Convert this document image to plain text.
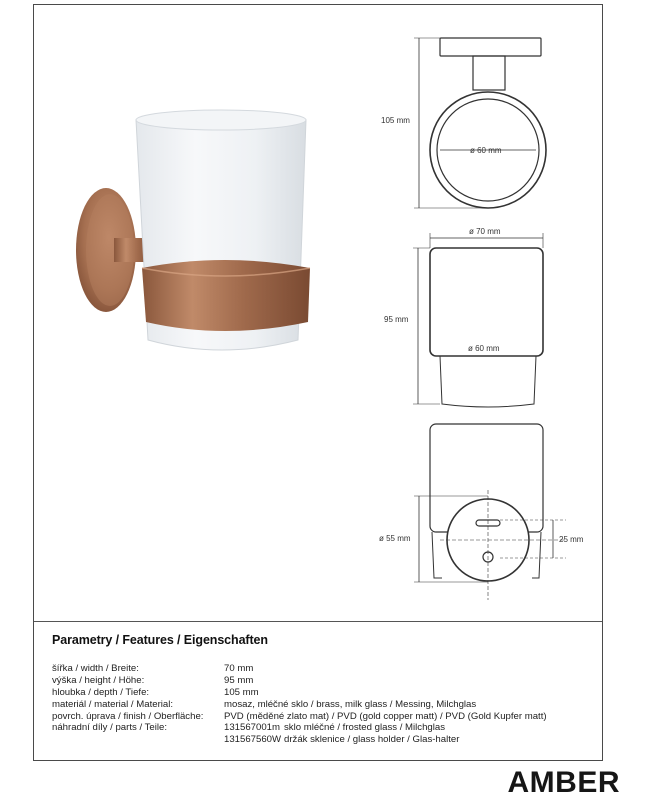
105 mm
ø 60 mm
ø 70 mm
95 mm
ø 60 mm
ø 55 mm	25 mm
Parametry / Features / Eigenschaften
šířka / width / Breite:	70 mm
výška / height / Höhe:	95 mm
hloubka / depth / Tiefe:	105 mm
materiál / material / Material:	mosaz, mléčné sklo / brass, milk glass / Messing, Milchglas
povrch. úprava / finish / Oberfläche: PVD (měděné zlato mat) / PVD (gold copper matt) / PVD (Gold Kupfer matt)
náhradní díly / parts / Teile:	131567001m sklo mléčné / frosted glass / Milchglas
131567560W držák sklenice / glass holder / Glas-halter
AMBER
